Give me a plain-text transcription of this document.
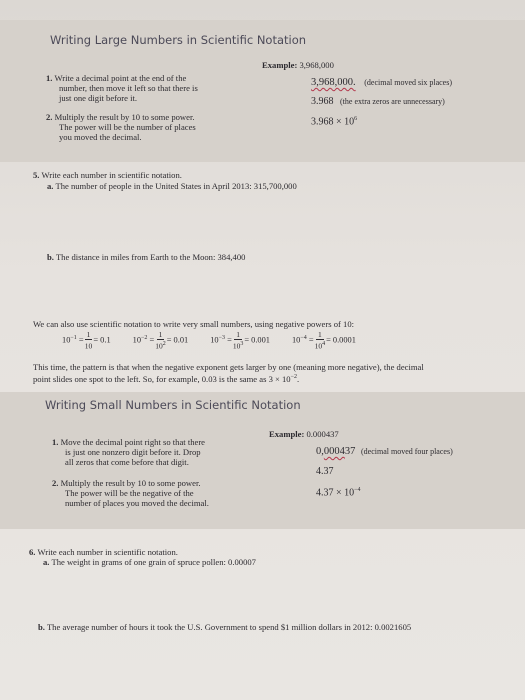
Writing Large Numbers in Scientific Notation
1. Write a decimal point at the end of the
number, then move it left so that there is
just one digit before it.
2. Multiply the result by 10 to some power.
The power will be the number of places
you moved the decimal.
Example: 3,968,000
3,968,000. (decimal moved six places)
3.968 (the extra zeros are unnecessary)
$3.968 \times 10^6$
5. Write each number in scientific notation.
a. The number of people in the United States in April 2013: 315,700,000
b. The distance in miles from Earth to the Moon: 384,400
We can also use scientific notation to write very small numbers, using negative powers of 10:
$10^{-1} = \frac{1}{10} = 0.1$	$10^{-2} = \frac{1}{10^2} = 0.01$	$10^{-3} = \frac{1}{10^3} = 0.001$	$10^{-4} = \frac{1}{10^4} = 0.0001$
This time, the pattern is that when the negative exponent gets larger by one (meaning more negative), the decimal
point slides one spot to the left. So, for example, 0.03 is the same as $3 \times 10^{-2}$.
Writing Small Numbers in Scientific Notation
1. Move the decimal point right so that there
is just one nonzero digit before it. Drop
all zeros that come before that digit.
2. Multiply the result by 10 to some power.
The power will be the negative of the
number of places you moved the decimal.
Example: 0.000437
0,000437 (decimal moved four places)
4.37
$4.37 \times 10^{-4}$
6. Write each number in scientific notation.
a. The weight in grams of one grain of spruce pollen: 0.00007
b. The average number of hours it took the U.S. Government to spend $1 million dollars in 2012: 0.0021605
